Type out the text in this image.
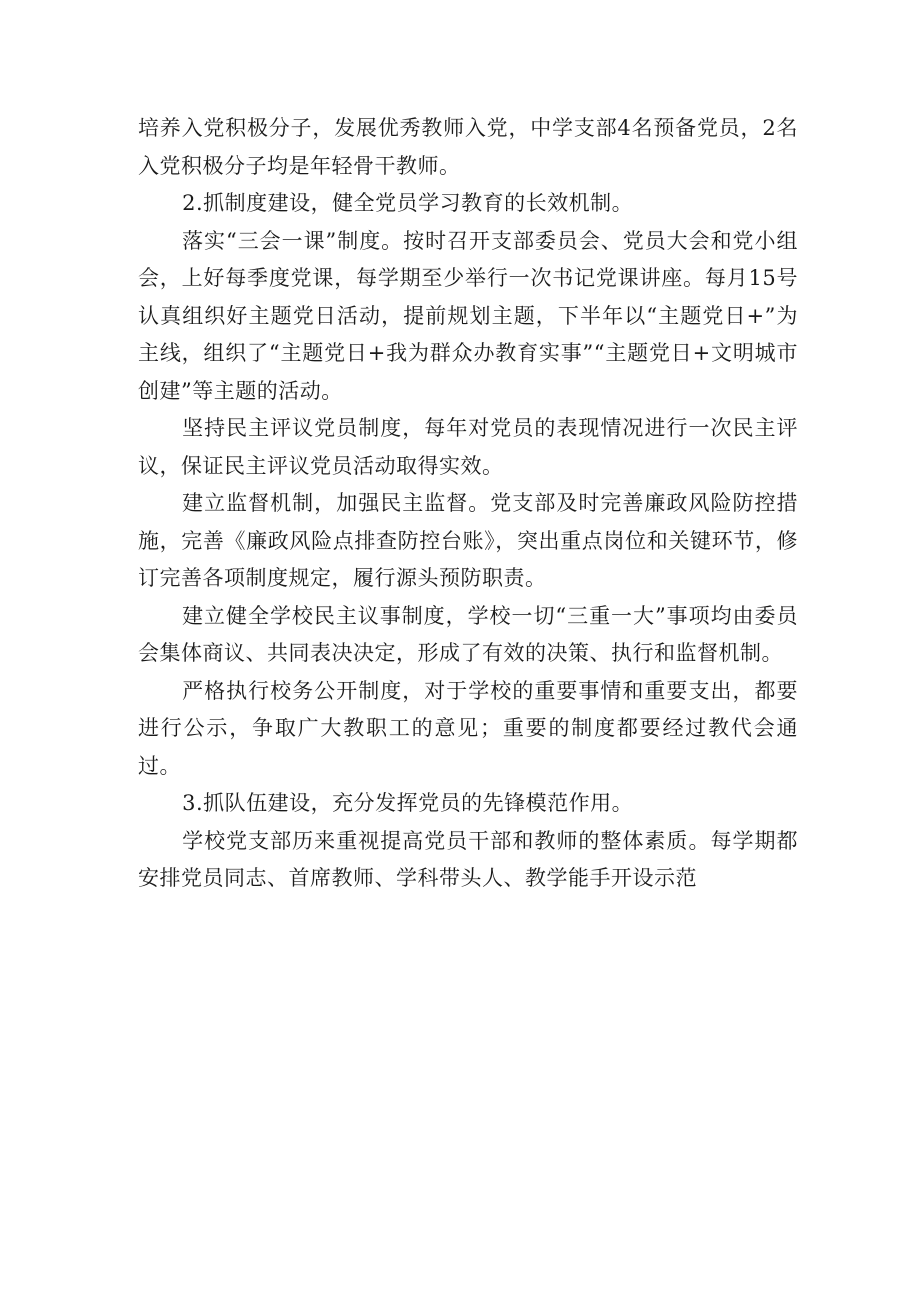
培养入党积极分子，发展优秀教师入党，中学支部4名预备党员，2名入党积极分子均是年轻骨干教师。

2.抓制度建设，健全党员学习教育的长效机制。

落实“三会一课”制度。按时召开支部委员会、党员大会和党小组会，上好每季度党课，每学期至少举行一次书记党课讲座。每月15号认真组织好主题党日活动，提前规划主题，下半年以“主题党日+”为主线，组织了“主题党日+我为群众办教育实事”“主题党日+文明城市创建”等主题的活动。

坚持民主评议党员制度，每年对党员的表现情况进行一次民主评议，保证民主评议党员活动取得实效。

建立监督机制，加强民主监督。党支部及时完善廉政风险防控措施，完善《廉政风险点排查防控台账》，突出重点岗位和关键环节，修订完善各项制度规定，履行源头预防职责。

建立健全学校民主议事制度，学校一切“三重一大”事项均由委员会集体商议、共同表决决定，形成了有效的决策、执行和监督机制。

严格执行校务公开制度，对于学校的重要事情和重要支出，都要进行公示，争取广大教职工的意见；重要的制度都要经过教代会通过。

3.抓队伍建设，充分发挥党员的先锋模范作用。

学校党支部历来重视提高党员干部和教师的整体素质。每学期都安排党员同志、首席教师、学科带头人、教学能手开设示范
